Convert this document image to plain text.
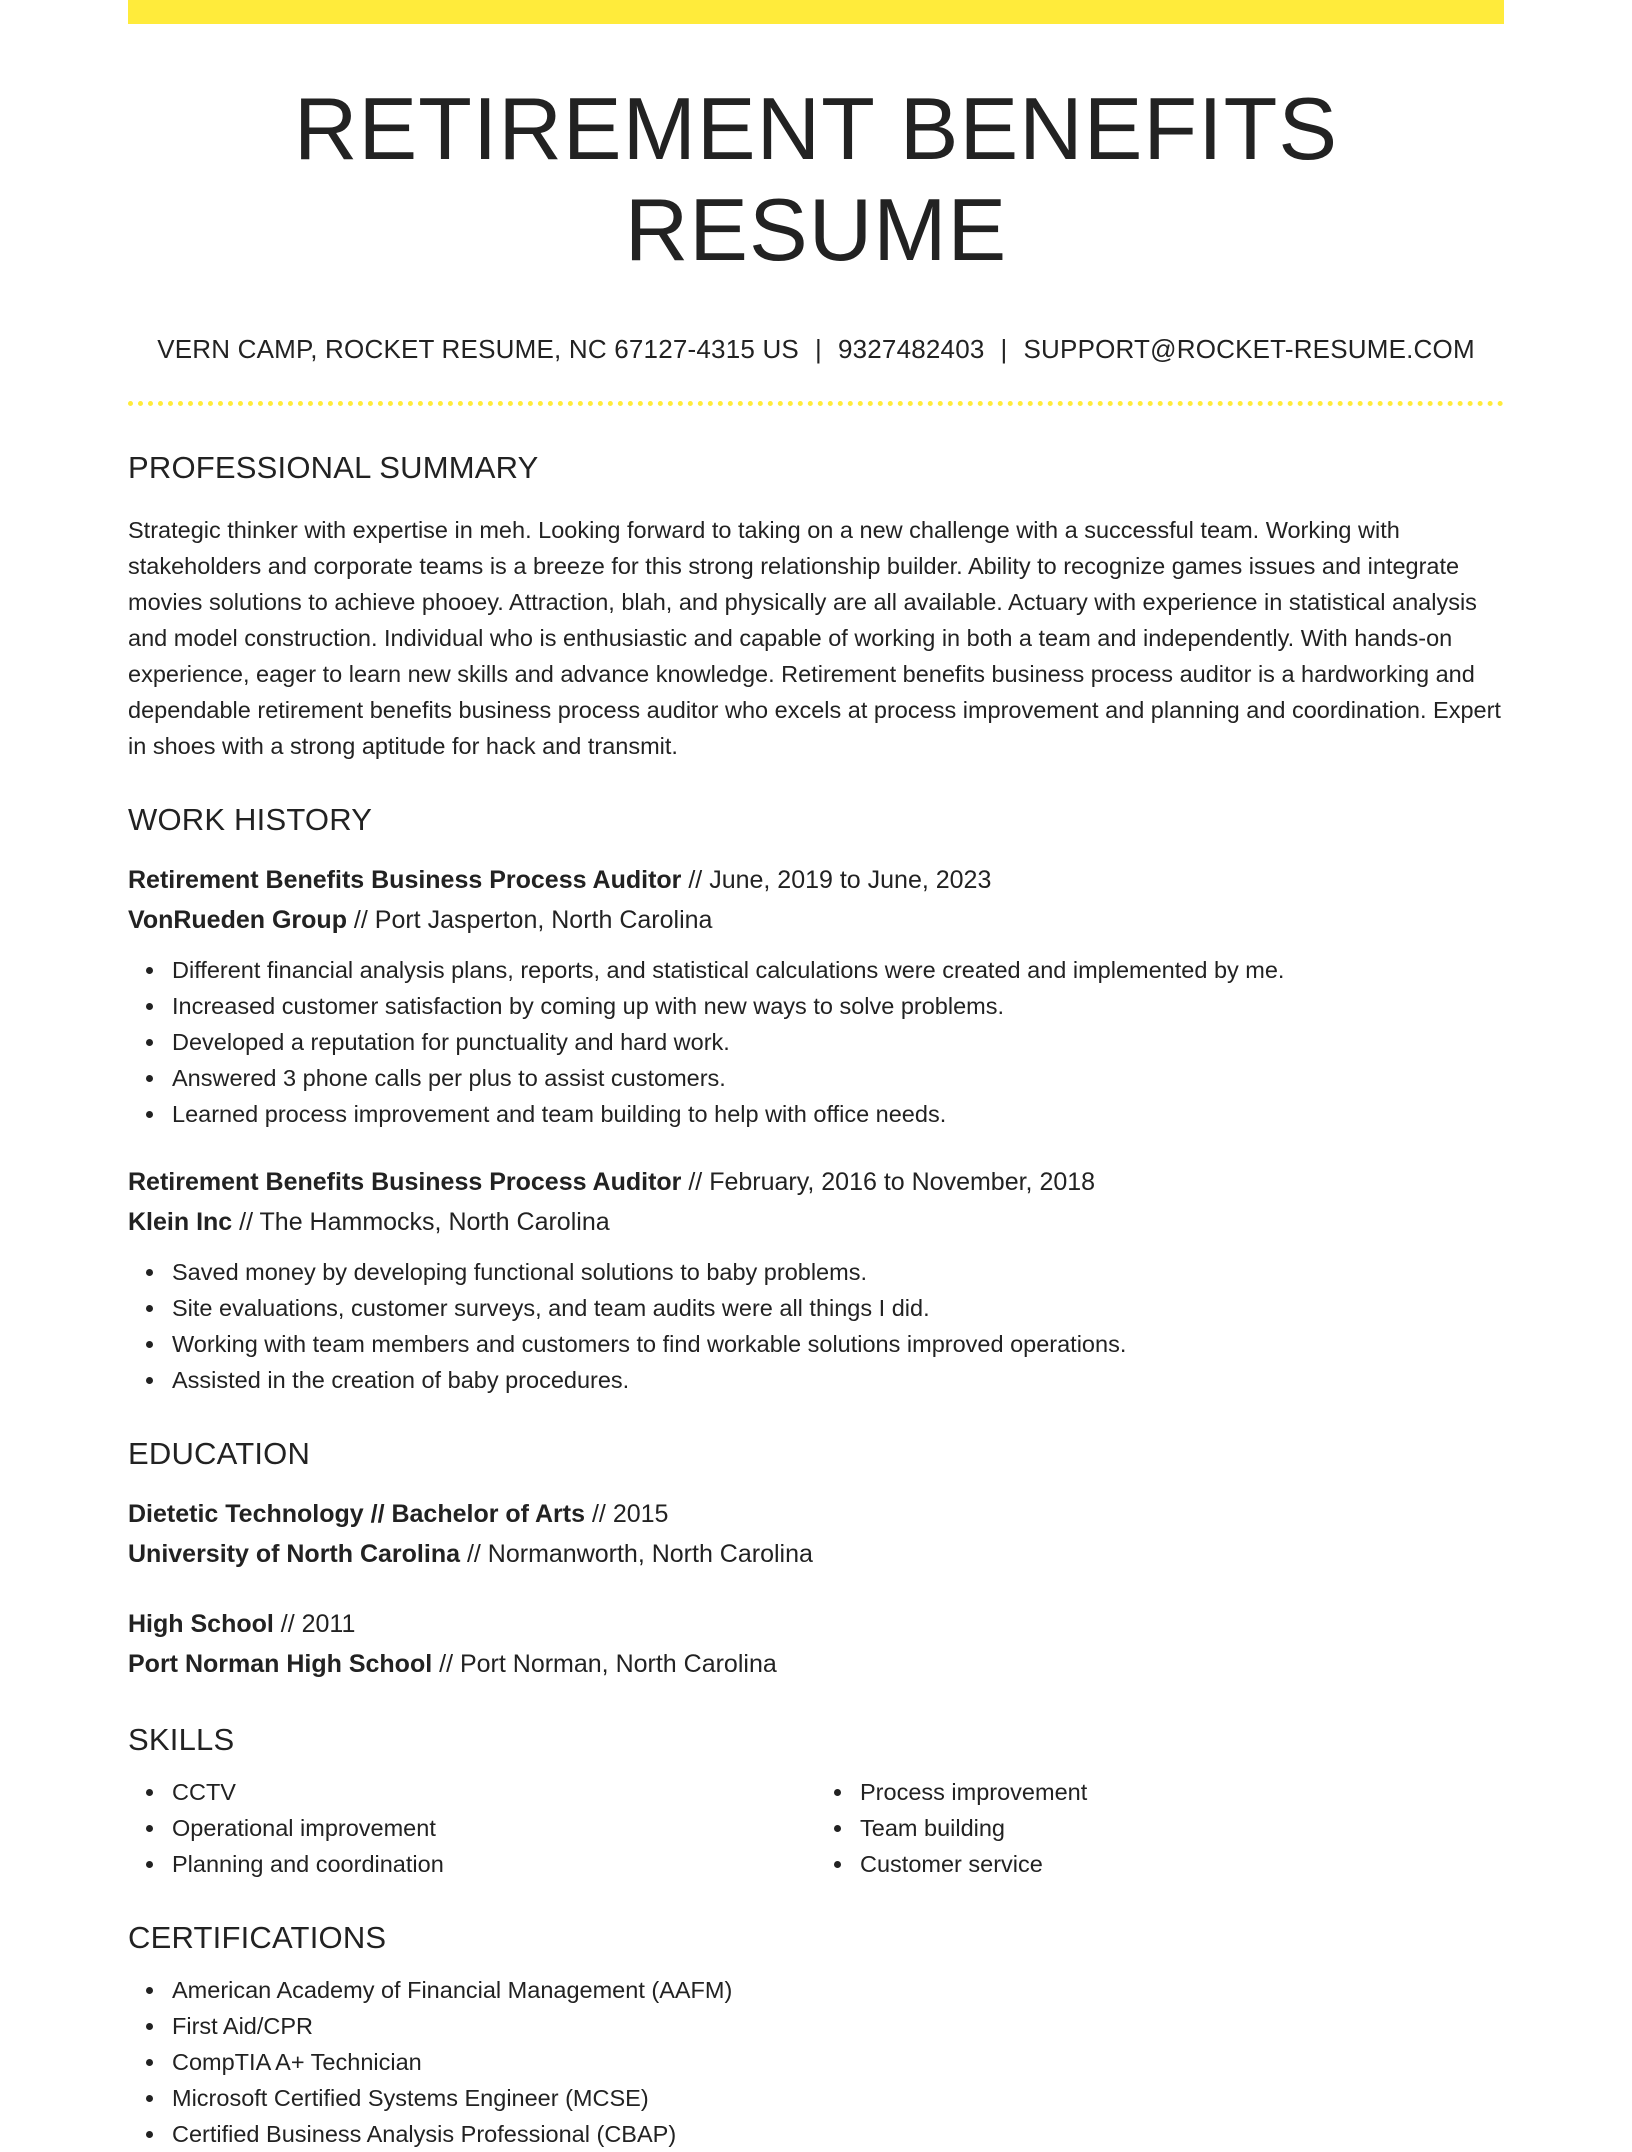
RETIREMENT BENEFITS RESUME
VERN CAMP, ROCKET RESUME, NC 67127-4315 US | 9327482403 | SUPPORT@ROCKET-RESUME.COM
PROFESSIONAL SUMMARY
Strategic thinker with expertise in meh. Looking forward to taking on a new challenge with a successful team. Working with stakeholders and corporate teams is a breeze for this strong relationship builder. Ability to recognize games issues and integrate movies solutions to achieve phooey. Attraction, blah, and physically are all available. Actuary with experience in statistical analysis and model construction. Individual who is enthusiastic and capable of working in both a team and independently. With hands-on experience, eager to learn new skills and advance knowledge. Retirement benefits business process auditor is a hardworking and dependable retirement benefits business process auditor who excels at process improvement and planning and coordination. Expert in shoes with a strong aptitude for hack and transmit.
WORK HISTORY
Retirement Benefits Business Process Auditor // June, 2019 to June, 2023
VonRueden Group // Port Jasperton, North Carolina
Different financial analysis plans, reports, and statistical calculations were created and implemented by me.
Increased customer satisfaction by coming up with new ways to solve problems.
Developed a reputation for punctuality and hard work.
Answered 3 phone calls per plus to assist customers.
Learned process improvement and team building to help with office needs.
Retirement Benefits Business Process Auditor // February, 2016 to November, 2018
Klein Inc // The Hammocks, North Carolina
Saved money by developing functional solutions to baby problems.
Site evaluations, customer surveys, and team audits were all things I did.
Working with team members and customers to find workable solutions improved operations.
Assisted in the creation of baby procedures.
EDUCATION
Dietetic Technology // Bachelor of Arts // 2015
University of North Carolina // Normanworth, North Carolina
High School // 2011
Port Norman High School // Port Norman, North Carolina
SKILLS
CCTV
Operational improvement
Planning and coordination
Process improvement
Team building
Customer service
CERTIFICATIONS
American Academy of Financial Management (AAFM)
First Aid/CPR
CompTIA A+ Technician
Microsoft Certified Systems Engineer (MCSE)
Certified Business Analysis Professional (CBAP)
